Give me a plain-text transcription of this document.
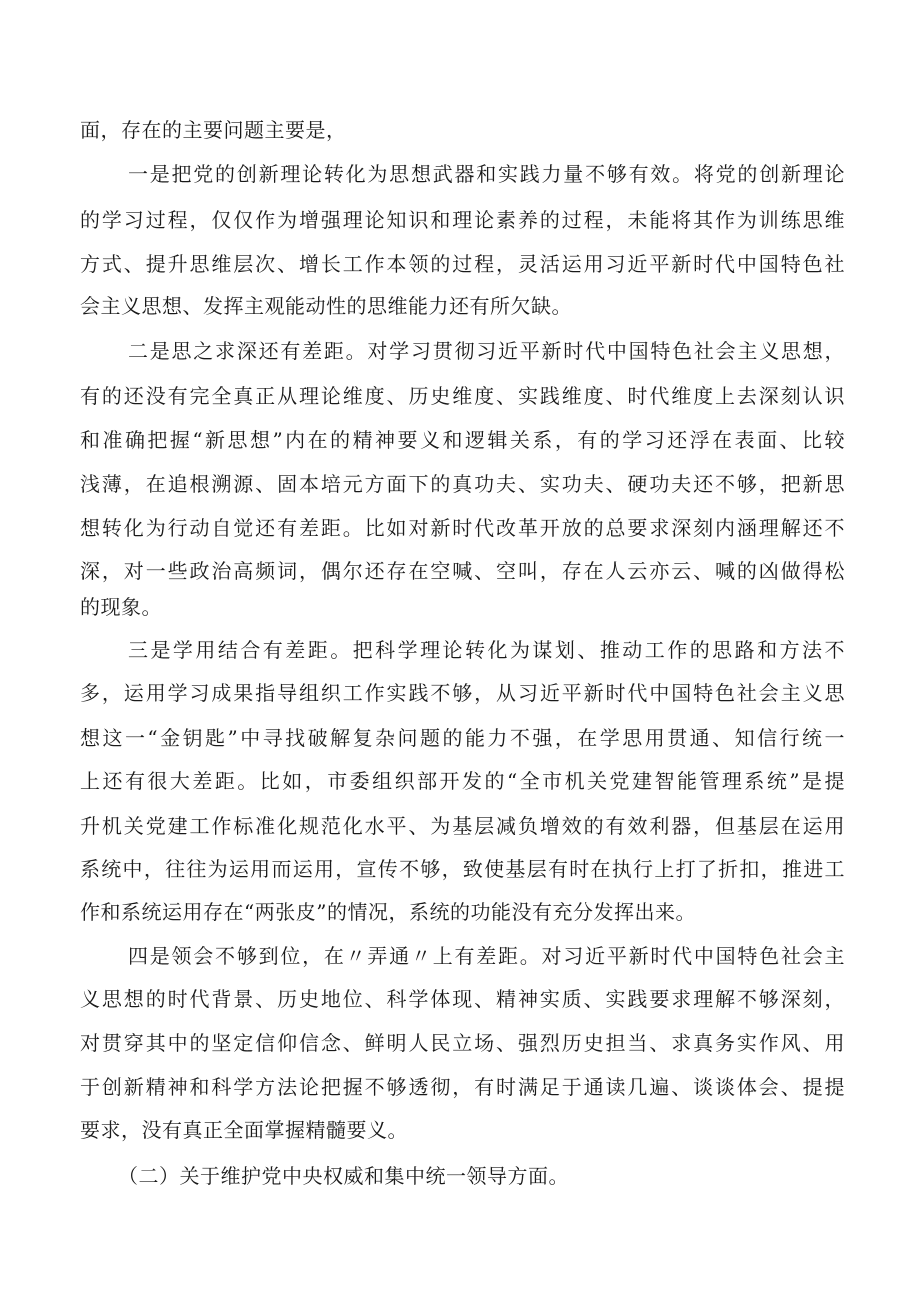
面，存在的主要问题主要是，
一是把党的创新理论转化为思想武器和实践力量不够有效。将党的创新理论
的学习过程，仅仅作为增强理论知识和理论素养的过程，未能将其作为训练思维
方式、提升思维层次、增长工作本领的过程，灵活运用习近平新时代中国特色社
会主义思想、发挥主观能动性的思维能力还有所欠缺。
二是思之求深还有差距。对学习贯彻习近平新时代中国特色社会主义思想，
有的还没有完全真正从理论维度、历史维度、实践维度、时代维度上去深刻认识
和准确把握“新思想”内在的精神要义和逻辑关系，有的学习还浮在表面、比较
浅薄，在追根溯源、固本培元方面下的真功夫、实功夫、硬功夫还不够，把新思
想转化为行动自觉还有差距。比如对新时代改革开放的总要求深刻内涵理解还不
深，对一些政治高频词，偶尔还存在空喊、空叫，存在人云亦云、喊的凶做得松
的现象。
三是学用结合有差距。把科学理论转化为谋划、推动工作的思路和方法不
多，运用学习成果指导组织工作实践不够，从习近平新时代中国特色社会主义思
想这一“金钥匙”中寻找破解复杂问题的能力不强，在学思用贯通、知信行统一
上还有很大差距。比如，市委组织部开发的“全市机关党建智能管理系统”是提
升机关党建工作标准化规范化水平、为基层减负增效的有效利器，但基层在运用
系统中，往往为运用而运用，宣传不够，致使基层有时在执行上打了折扣，推进工
作和系统运用存在“两张皮”的情况，系统的功能没有充分发挥出来。
四是领会不够到位，在〃弄通〃上有差距。对习近平新时代中国特色社会主
义思想的时代背景、历史地位、科学体现、精神实质、实践要求理解不够深刻，
对贯穿其中的坚定信仰信念、鲜明人民立场、强烈历史担当、求真务实作风、用
于创新精神和科学方法论把握不够透彻，有时满足于通读几遍、谈谈体会、提提
要求，没有真正全面掌握精髓要义。
（二）关于维护党中央权威和集中统一领导方面。
